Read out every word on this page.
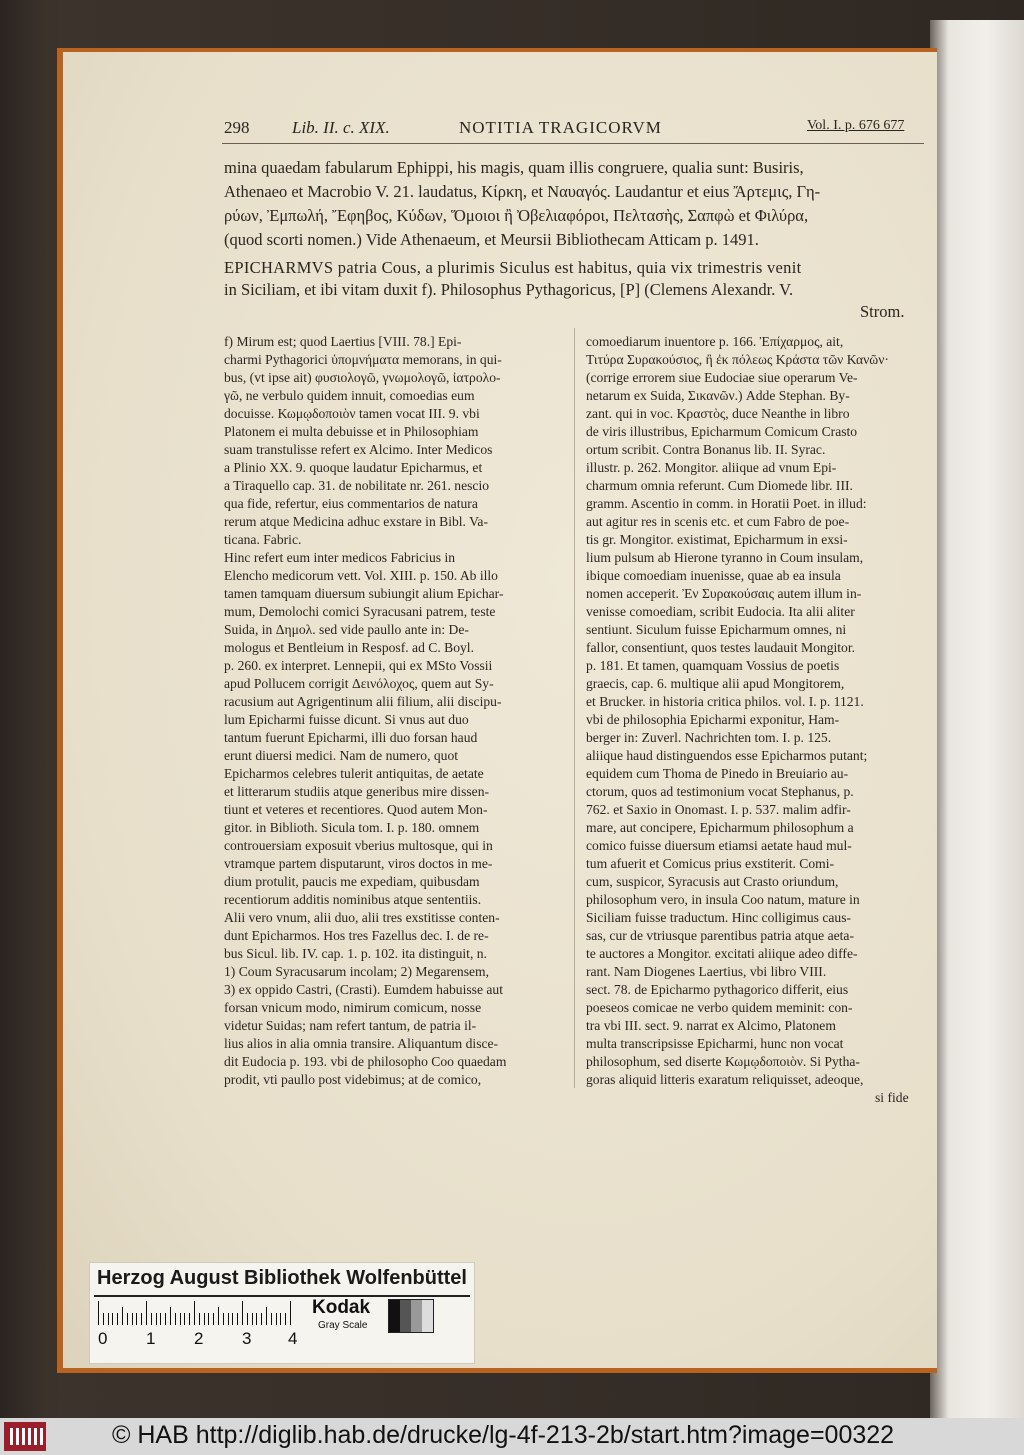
298	Lib. II. c. XIX.	NOTITIA TRAGICORVM	Vol. I. p. 676 677
mina quaedam fabularum Ephippi, his magis, quam illis congruere, qualia sunt: Busiris,
Athenaeo et Macrobio V. 21. laudatus, Κίρκη, et Ναυαγός. Laudantur et eius Ἄρτεμις, Γη-
ρύων, Ἐμπωλή, Ἔφηβος, Κύδων, Ὅμοιοι ἢ Ὀβελιαφόροι, Πελτασὴς, Σαπφὼ et Φιλύρα,
(quod scorti nomen.) Vide Athenaeum, et Meursii Bibliothecam Atticam p. 1491.
EPICHARMVS patria Cous, a plurimis Siculus est habitus, quia vix trimestris venit
in Siciliam, et ibi vitam duxit f). Philosophus Pythagoricus, [P] (Clemens Alexandr. V.
Strom.
f) Mirum est; quod Laertius [VIII. 78.] Epi-
charmi Pythagorici ὑπομνήματα memorans, in qui-
bus, (vt ipse ait) φυσιολογῶ, γνωμολογῶ, ἰατρολο-
γῶ, ne verbulo quidem innuit, comoedias eum
docuisse. Κωμῳδοποιὸν tamen vocat III. 9. vbi
Platonem ei multa debuisse et in Philosophiam
suam transtulisse refert ex Alcimo. Inter Medicos
a Plinio XX. 9. quoque laudatur Epicharmus, et
a Tiraquello cap. 31. de nobilitate nr. 261. nescio
qua fide, refertur, eius commentarios de natura
rerum atque Medicina adhuc exstare in Bibl. Va-
ticana. Fabric.
Hinc refert eum inter medicos Fabricius in
Elencho medicorum vett. Vol. XIII. p. 150. Ab illo
tamen tamquam diuersum subiungit alium Epichar-
mum, Demolochi comici Syracusani patrem, teste
Suida, in Δημολ. sed vide paullo ante in: De-
mologus et Bentleium in Resposf. ad C. Boyl.
p. 260. ex interpret. Lennepii, qui ex MSto Vossii
apud Pollucem corrigit Δεινόλοχος, quem aut Sy-
racusium aut Agrigentinum alii filium, alii discipu-
lum Epicharmi fuisse dicunt. Si vnus aut duo
tantum fuerunt Epicharmi, illi duo forsan haud
erunt diuersi medici. Nam de numero, quot
Epicharmos celebres tulerit antiquitas, de aetate
et litterarum studiis atque generibus mire dissen-
tiunt et veteres et recentiores. Quod autem Mon-
gitor. in Biblioth. Sicula tom. I. p. 180. omnem
controuersiam exposuit vberius multosque, qui in
vtramque partem disputarunt, viros doctos in me-
dium protulit, paucis me expediam, quibusdam
recentiorum additis nominibus atque sententiis.
Alii vero vnum, alii duo, alii tres exstitisse conten-
dunt Epicharmos. Hos tres Fazellus dec. I. de re-
bus Sicul. lib. IV. cap. 1. p. 102. ita distinguit, n.
1) Coum Syracusarum incolam; 2) Megarensem,
3) ex oppido Castri, (Crasti). Eumdem habuisse aut
forsan vnicum modo, nimirum comicum, nosse
videtur Suidas; nam refert tantum, de patria il-
lius alios in alia omnia transire. Aliquantum disce-
dit Eudocia p. 193. vbi de philosopho Coo quaedam
prodit, vti paullo post videbimus; at de comico,
comoediarum inuentore p. 166. Ἐπίχαρμος, ait,
Τιτύρα Συρακούσιος, ἢ ἐκ πόλεως Κράστα τῶν Κανῶν·
(corrige errorem siue Eudociae siue operarum Ve-
netarum ex Suida, Σικανῶν.) Adde Stephan. By-
zant. qui in voc. Κραστὸς, duce Neanthe in libro
de viris illustribus, Epicharmum Comicum Crasto
ortum scribit. Contra Bonanus lib. II. Syrac.
illustr. p. 262. Mongitor. aliique ad vnum Epi-
charmum omnia referunt. Cum Diomede libr. III.
gramm. Ascentio in comm. in Horatii Poet. in illud:
aut agitur res in scenis etc. et cum Fabro de poe-
tis gr. Mongitor. existimat, Epicharmum in exsi-
lium pulsum ab Hierone tyranno in Coum insulam,
ibique comoediam inuenisse, quae ab ea insula
nomen acceperit. Ἐν Συρακούσαις autem illum in-
venisse comoediam, scribit Eudocia. Ita alii aliter
sentiunt. Siculum fuisse Epicharmum omnes, ni
fallor, consentiunt, quos testes laudauit Mongitor.
p. 181. Et tamen, quamquam Vossius de poetis
graecis, cap. 6. multique alii apud Mongitorem,
et Brucker. in historia critica philos. vol. I. p. 1121.
vbi de philosophia Epicharmi exponitur, Ham-
berger in: Zuverl. Nachrichten tom. I. p. 125.
aliique haud distinguendos esse Epicharmos putant;
equidem cum Thoma de Pinedo in Breuiario au-
ctorum, quos ad testimonium vocat Stephanus, p.
762. et Saxio in Onomast. I. p. 537. malim adfir-
mare, aut concipere, Epicharmum philosophum a
comico fuisse diuersum etiamsi aetate haud mul-
tum afuerit et Comicus prius exstiterit. Comi-
cum, suspicor, Syracusis aut Crasto oriundum,
philosophum vero, in insula Coo natum, mature in
Siciliam fuisse traductum. Hinc colligimus caus-
sas, cur de vtriusque parentibus patria atque aeta-
te auctores a Mongitor. excitati aliique adeo diffe-
rant. Nam Diogenes Laertius, vbi libro VIII.
sect. 78. de Epicharmo pythagorico differit, eius
poeseos comicae ne verbo quidem meminit: con-
tra vbi III. sect. 9. narrat ex Alcimo, Platonem
multa transcripsisse Epicharmi, hunc non vocat
philosophum, sed diserte Κωμῳδοποιὸν. Si Pytha-
goras aliquid litteris exaratum reliquisset, adeoque,
si fide
Herzog August Bibliothek Wolfenbüttel
0 1 2 3 4
Kodak
Gray Scale
© HAB http://diglib.hab.de/drucke/lg-4f-213-2b/start.htm?image=00322
